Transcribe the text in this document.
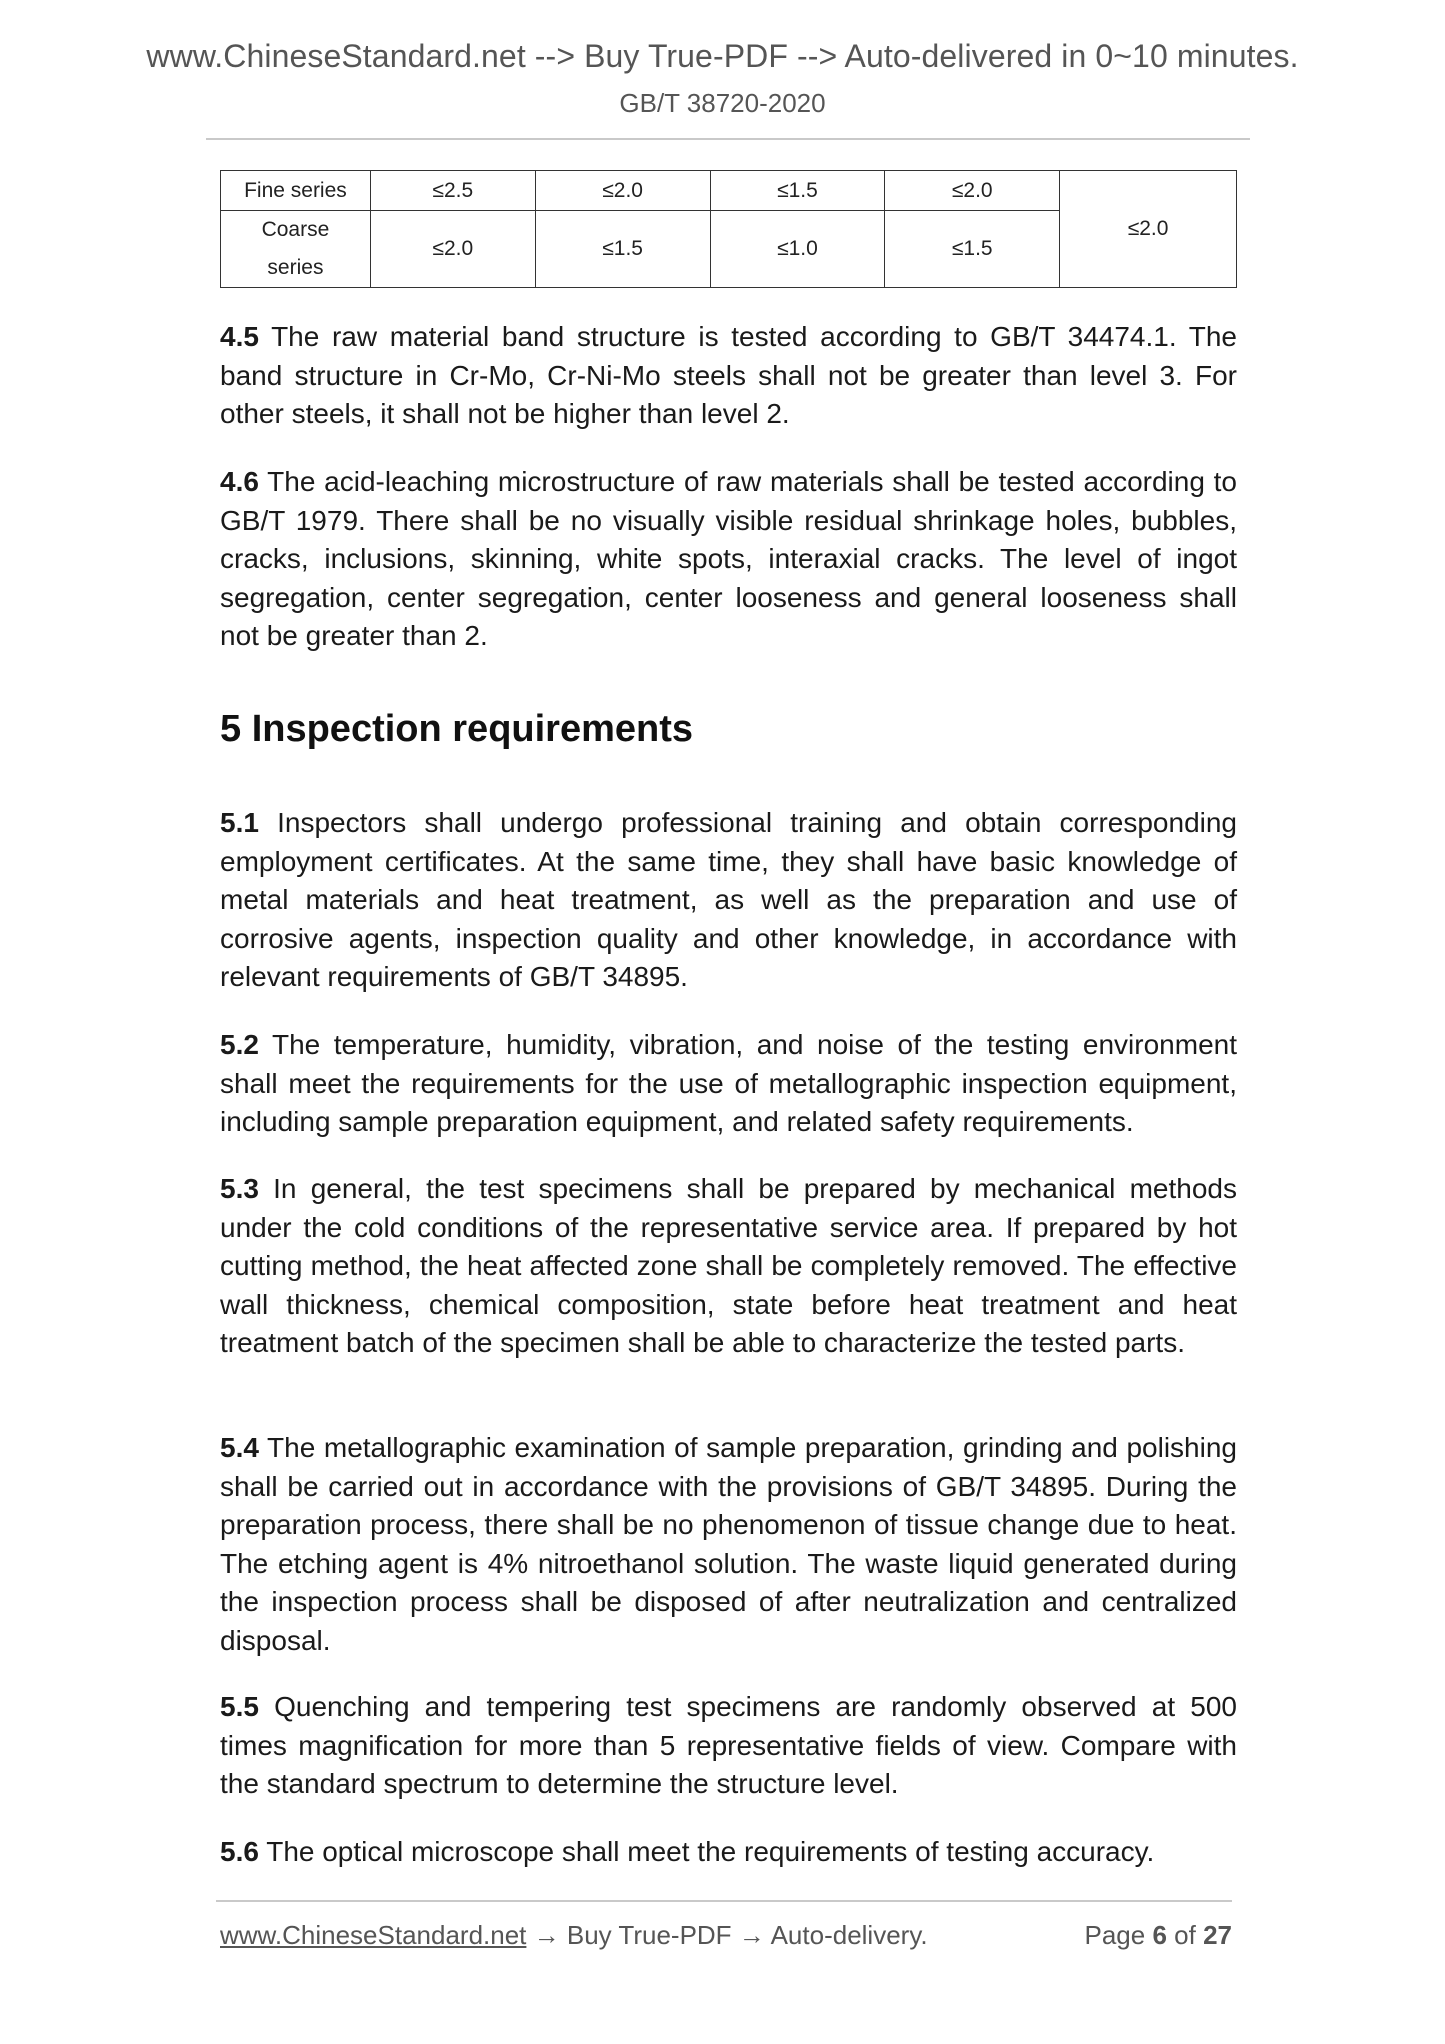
www.ChineseStandard.net --> Buy True-PDF --> Auto-delivered in 0~10 minutes.
GB/T 38720-2020
Fine series	≤2.5	≤2.0	≤1.5	≤2.0	≤2.0
Coarse
series	≤2.0	≤1.5	≤1.0	≤1.5	

4.5 The raw material band structure is tested according to GB/T 34474.1. The band structure in Cr-Mo, Cr-Ni-Mo steels shall not be greater than level 3. For other steels, it shall not be higher than level 2.

4.6 The acid-leaching microstructure of raw materials shall be tested according to GB/T 1979. There shall be no visually visible residual shrinkage holes, bubbles, cracks, inclusions, skinning, white spots, interaxial cracks. The level of ingot segregation, center segregation, center looseness and general looseness shall not be greater than 2.

5 Inspection requirements

5.1 Inspectors shall undergo professional training and obtain corresponding employment certificates. At the same time, they shall have basic knowledge of metal materials and heat treatment, as well as the preparation and use of corrosive agents, inspection quality and other knowledge, in accordance with relevant requirements of GB/T 34895.

5.2 The temperature, humidity, vibration, and noise of the testing environment shall meet the requirements for the use of metallographic inspection equipment, including sample preparation equipment, and related safety requirements.

5.3 In general, the test specimens shall be prepared by mechanical methods under the cold conditions of the representative service area. If prepared by hot cutting method, the heat affected zone shall be completely removed. The effective wall thickness, chemical composition, state before heat treatment and heat treatment batch of the specimen shall be able to characterize the tested parts.

5.4 The metallographic examination of sample preparation, grinding and polishing shall be carried out in accordance with the provisions of GB/T 34895. During the preparation process, there shall be no phenomenon of tissue change due to heat. The etching agent is 4% nitroethanol solution. The waste liquid generated during the inspection process shall be disposed of after neutralization and centralized disposal.

5.5 Quenching and tempering test specimens are randomly observed at 500 times magnification for more than 5 representative fields of view. Compare with the standard spectrum to determine the structure level.

5.6 The optical microscope shall meet the requirements of testing accuracy.

www.ChineseStandard.net → Buy True-PDF → Auto-delivery.	Page 6 of 27
